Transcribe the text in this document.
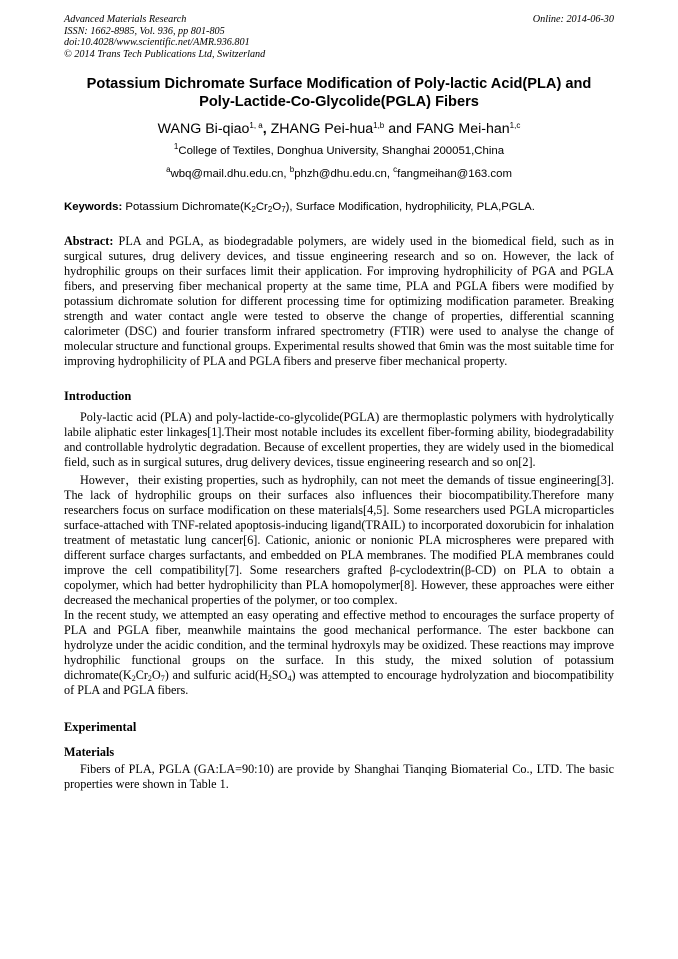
Advanced Materials Research	Online: 2014-06-30
ISSN: 1662-8985, Vol. 936, pp 801-805
doi:10.4028/www.scientific.net/AMR.936.801
© 2014 Trans Tech Publications Ltd, Switzerland
Potassium Dichromate Surface Modification of Poly-lactic Acid(PLA) and
Poly-Lactide-Co-Glycolide(PGLA) Fibers
WANG Bi-qiao$^{1, a}$, ZHANG Pei-hua$^{1,b}$ and FANG Mei-han$^{1,c}$
$^1$College of Textiles, Donghua University, Shanghai 200051,China
$^a$wbq@mail.dhu.edu.cn, $^b$phzh@dhu.edu.cn, $^c$fangmeihan@163.com
Keywords: Potassium $Dichromate(K_2Cr_2O_7)$, Surface Modification, hydrophilicity, PLA,PGLA.

Abstract: PLA and PGLA, as biodegradable polymers, are widely used in the biomedical field, such as in surgical sutures, drug delivery devices, and tissue engineering research and so on. However, the lack of hydrophilic groups on their surfaces limit their application. For improving hydrophilicity of PGA and PGLA fibers, and preserving fiber mechanical property at the same time, PLA and PGLA fibers were modified by potassium dichromate solution for different processing time for optimizing modification parameter. Breaking strength and water contact angle were tested to observe the change of properties, differential scanning calorimeter (DSC) and fourier transform infrared spectrometry (FTIR) were used to analyse the change of molecular structure and functional groups. Experimental results showed that 6min was the most suitable time for improving hydrophilicity of PLA and PGLA fibers and preserve fiber mechanical property.

Introduction

Poly-lactic acid (PLA) and poly-lactide-co-glycolide(PGLA) are thermoplastic polymers with hydrolytically labile aliphatic ester linkages[1].Their most notable includes its excellent fiber-forming ability, biodegradability and controllable hydrolytic degradation. Because of excellent properties, they are widely used in the biomedical field, such as in surgical sutures, drug delivery devices, tissue engineering research and so on[2].

However，their existing properties, such as hydrophily, can not meet the demands of tissue engineering[3]. The lack of hydrophilic groups on their surfaces also influences their biocompatibility.Therefore many researchers focus on surface modification on these materials[4,5]. Some researchers used PGLA microparticles surface-attached with TNF-related apoptosis-inducing ligand(TRAIL) to incorporated doxorubicin for inhalation treatment of metastatic lung cancer[6]. Cationic, anionic or nonionic PLA microspheres were prepared with different surface charges surfactants, and embedded on PLA membranes. The modified PLA membranes could improve the cell compatibility[7]. Some researchers grafted β-cyclodextrin(β-CD) on PLA to obtain a copolymer, which had better hydrophilicity than PLA homopolymer[8]. However, these approaches were either decreased the mechanical properties of the polymer, or too complex.

In the recent study, we attempted an easy operating and effective method to encourages the surface property of PLA and PGLA fiber, meanwhile maintains the good mechanical performance. The ester backbone can hydrolyze under the acidic condition, and the terminal hydroxyls may be oxidized. These reactions may improve hydrophilic functional groups on the surface. In this study, the mixed solution of potassium $dichromate(K_2Cr_2O_7)$ and sulfuric $acid(H_2SO_4)$ was attempted to encourage hydrolyzation and biocompatibility of PLA and PGLA fibers.

Experimental
Materials

Fibers of PLA, PGLA (GA:LA=90:10) are provide by Shanghai Tianqing Biomaterial Co., LTD. The basic properties were shown in Table 1.
